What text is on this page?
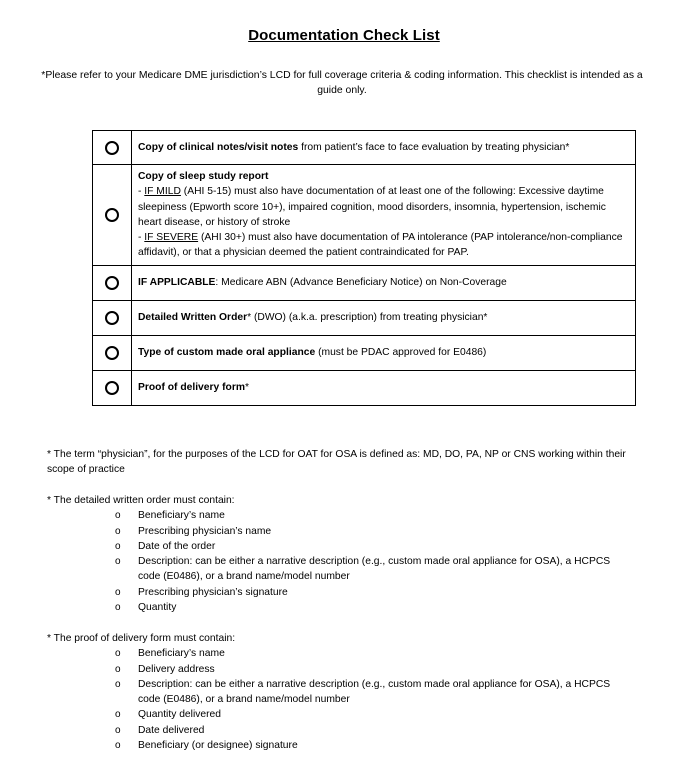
Documentation Check List
*Please refer to your Medicare DME jurisdiction’s LCD for full coverage criteria & coding information. This checklist is intended as a guide only.
	Copy of clinical notes/visit notes from patient’s face to face evaluation by treating physician*

	Copy of sleep study report
- IF MILD (AHI 5-15) must also have documentation of at least one of the following: Excessive daytime sleepiness (Epworth score 10+), impaired cognition, mood disorders, insomnia, hypertension, ischemic heart disease, or history of stroke
- IF SEVERE (AHI 30+) must also have documentation of PA intolerance (PAP intolerance/non-compliance affidavit), or that a physician deemed the patient contraindicated for PAP.

	IF APPLICABLE: Medicare ABN (Advance Beneficiary Notice) on Non-Coverage
	Detailed Written Order* (DWO) (a.k.a. prescription) from treating physician*
	Type of custom made oral appliance (must be PDAC approved for E0486)
	Proof of delivery form*
* The term “physician”, for the purposes of the LCD for OAT for OSA is defined as: MD, DO, PA, NP or CNS working within their scope of practice
* The detailed written order must contain:
o Beneficiary’s name
o Prescribing physician’s name
o Date of the order
o Description: can be either a narrative description (e.g., custom made oral appliance for OSA), a HCPCS code (E0486), or a brand name/model number
o Prescribing physician’s signature
o Quantity
* The proof of delivery form must contain:
o Beneficiary’s name
o Delivery address
o Description: can be either a narrative description (e.g., custom made oral appliance for OSA), a HCPCS code (E0486), or a brand name/model number
o Quantity delivered
o Date delivered
o Beneficiary (or designee) signature
